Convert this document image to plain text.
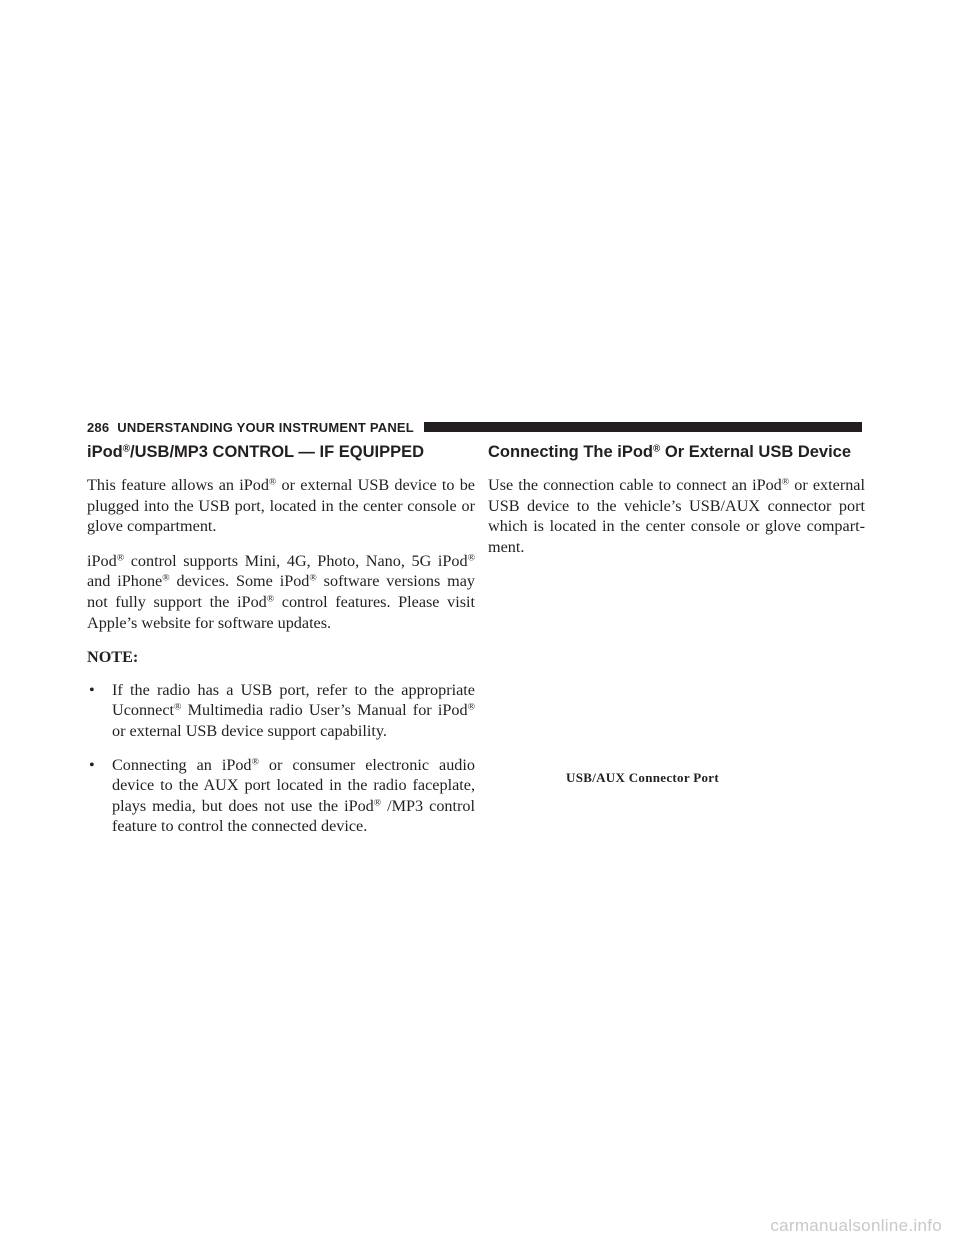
286 UNDERSTANDING YOUR INSTRUMENT PANEL
iPod®/USB/MP3 CONTROL — IF EQUIPPED

This feature allows an iPod® or external USB device to be plugged into the USB port, located in the center console or glove compartment.

iPod® control supports Mini, 4G, Photo, Nano, 5G iPod® and iPhone® devices. Some iPod® software versions may not fully support the iPod® control features. Please visit Apple’s website for software updates.

NOTE:

• If the radio has a USB port, refer to the appropriate Uconnect® Multimedia radio User’s Manual for iPod® or external USB device support capability.
• Connecting an iPod® or consumer electronic audio device to the AUX port located in the radio faceplate, plays media, but does not use the iPod® /MP3 control feature to control the connected device.
Connecting The iPod® Or External USB Device

Use the connection cable to connect an iPod® or external USB device to the vehicle’s USB/AUX connector port which is located in the center console or glove compart-ment.

USB/AUX Connector Port
carmanualsonline.info
